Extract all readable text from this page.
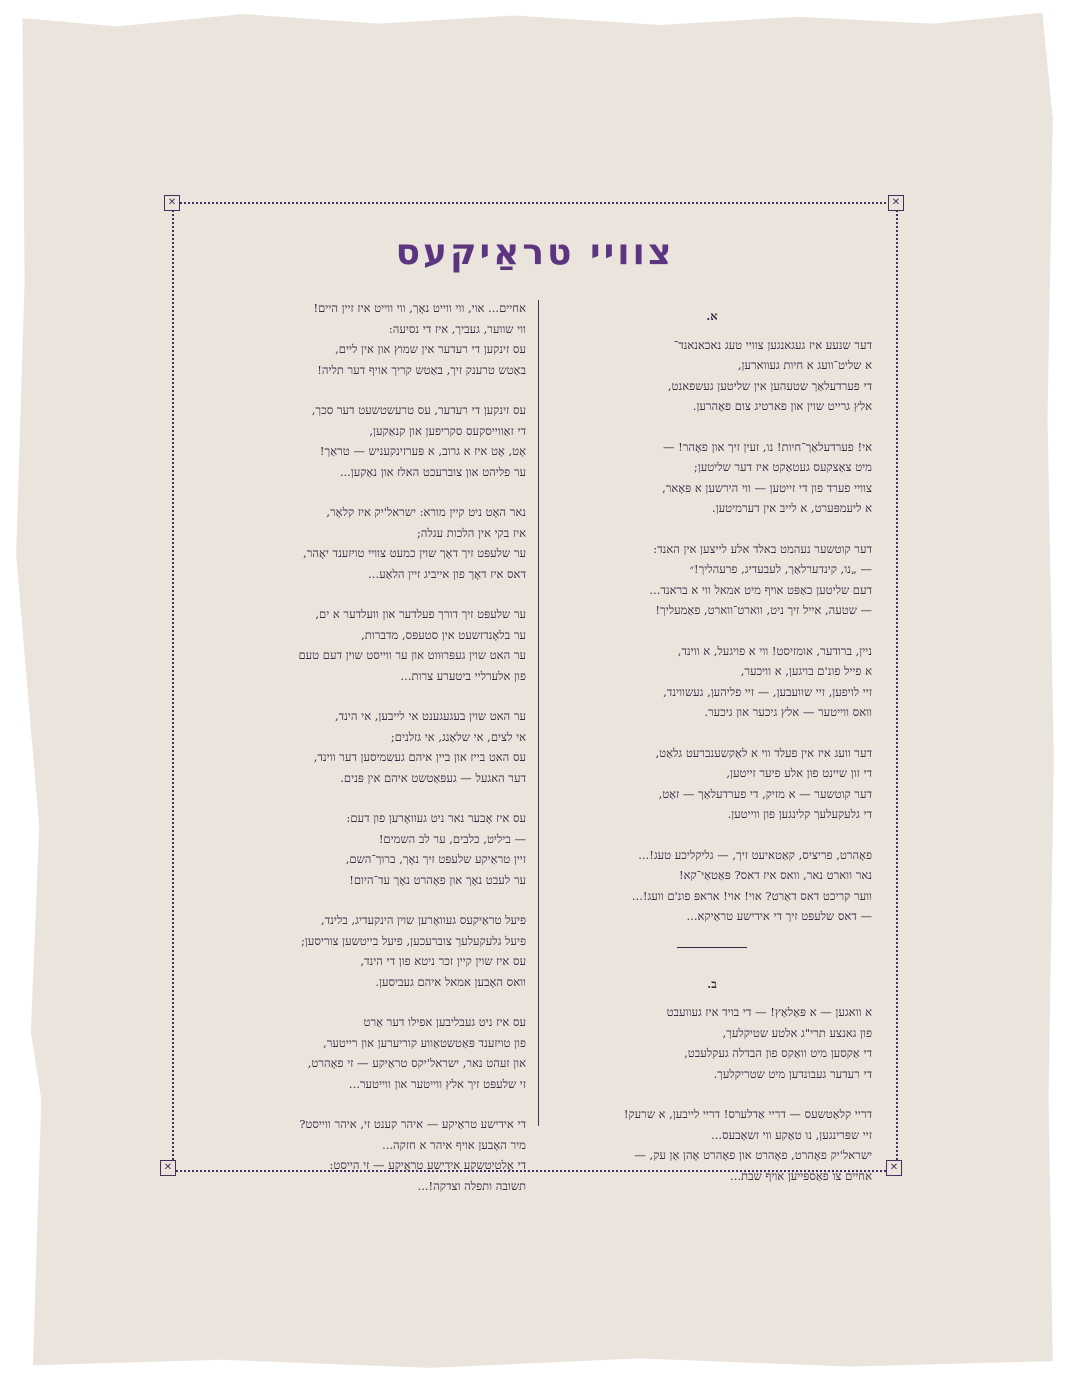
✕	✕
✕	✕
צוויי טראַיקעס
א.
דער שנעע איז געגאנגען צוויי טעג נאכאנאנד־
א שליט־וועג א חיות געווארען,
די פערדעלאַך שטעהען אין שליטען געשפאנט,
אלץ גרייט שוין און פארטיג צום פאָהרען.
אי! פערדעלאַך־חיות! נו, זעין זיך און פאָהר! —
מיט צאַצקעס געטאַקט איז דער שליטען;
צוויי פערד פון די זייטען — ווי הירשען א פּאָאר,
א ליעמפּערט, א לייב אין דערמיטען.
דער קוטשער נעהמט באלד אלע לייצען אין האנד:
— „נו, קינדערלאַך, לעבעדיג, פרעהליך!״
דעם שליטען כאַפּט אויף מיט אמאל ווי א בראנד...
— שטעה, אייל זיך ניט, ווארט־ווארט, פאַמעליך!
ניין, ברודער, אומזיסט! ווי א פויגעל, א ווינד,
א פייל פונ'ם בויגען, א וויכער,
זיי לויפען, זיי שוועבען, — זיי פליהען, געשווינד,
וואס ווייטער — אלץ גיכער און גיכער.
דער וועג איז אין פעלד ווי א לאַקשענברעט גלאַט,
די זון שיינט פון אלע פיער זייטען,
דער קוטשער — א מזיק, די פערדעלאַך — זאַט,
די גלעקעלעך קלינגען פון ווייטען.
פאָהרט, פריציס, קאַטאיעט זיך, — גליקליכע טעג!...
נאר ווארט נאר, וואס איז דאס? פּאַטאַי־קא!
ווער קריכט דאס דאַרט? אוי! אוי! אראפּ פונ'ם וועג!...
— דאס שלעפּט זיך די אידישע טראַיקא...
ב.
א וואגען — א פּאַלאַץ! — די בויד איז געוועבט
פון גאנצע תרי"ג אלטע שטיקלעך,
די אַקסען מיט וואַקס פון הבדלה געקלעבט,
די רעדער געבונדען מיט שטריקלעך.
דריי קלאַטשעס — דריי אַדלערס! דריי לייבען, א שרעק!
זיי שפּרינגען, נו טאַקע ווי זשאַבעס...
ישראל'יק פאָהרט, פאָהרט און פאָהרט אָהן אַן עק, —
אחיים צו פאַספּייען אויף שבת...
אחיים... אוי, ווי ווייט נאָך, ווי ווייט איז זיין היים!
ווי שווער, געביך, איז די נסיעה:
עס זינקען די רעדער אין שמוץ און אין ליים,
באַטש טרענק זיך, באַטש קריך אויף דער תליה!
עס זינקען די רעדער, עס טרעשטשעט דער סכך,
די זאַווייסקעס סקריפען און קנאַקען,
אָט, אָט איז א גרוב, א פּערזינקעניש — טראַך!
ער פליהט און צוברעכט האלז און נאַקען...
נאר האָט ניט קיין מורא: ישראל'יק איז קלאָר,
איז בקי אין הלכות עגלה;
ער שלעפּט זיך דאָך שוין כמעט צוויי טויזענד יאָהר,
דאס איז דאָך פון אייביג זיין הלאַע...
ער שלעפּט זיך דורך פעלדער און וועלדער א ים,
ער בלאָנדזשעט אין סטעפּס, מדברות,
ער האט שוין געפּרוּווט און ער ווייסט שוין דעם טעם
פון אלערליי ביטערע צרות...
ער האט שוין בעגעגענט אי לייבען, אי הינד,
אי לצים, אי שלאַנג, אי גזלנים;
עס האט בייז און ביין איהם געשמיסען דער ווינד,
דער האגעל — געפּאַטשט איהם אין פּנים.
עס איז אָבער נאר ניט געוואָרען פון דעם:
— ביליט, כלבים, ער לב השמים!
זיין טראַיקע שלעפּט זיך נאָך, ברוך־השם,
ער לעבט נאָך און פאָהרט נאָך עד־היום!
פיעל טראַיקעס געוואָרען שוין הינקעדיג, בלינד,
פיעל גלעקעלעך צוברעכען, פיעל בייטשען צוריסען;
עס איז שוין קיין זכר ניטא פון די הינד,
וואס האָבען אמאל איהם געביסען.
עס איז ניט געבליבען אפילו דער אַרט
פון טויזענד פּאַטשטאַווע קוריערען און רייטער,
און זעהט נאר, ישראל'יקס טראַיקע — זי פאָהרט,
זי שלעפּט זיך אלץ ווייטער און ווייטער...
די אידישע טראַיקע — איהר קענט זי, איהר ווייסט?
מיר האָבען אויף איהר א חזקה...
די אַלטיטשקע אידישע טראַיקע — זי הייסט:
תשובה ותפלה וצדקה!...
